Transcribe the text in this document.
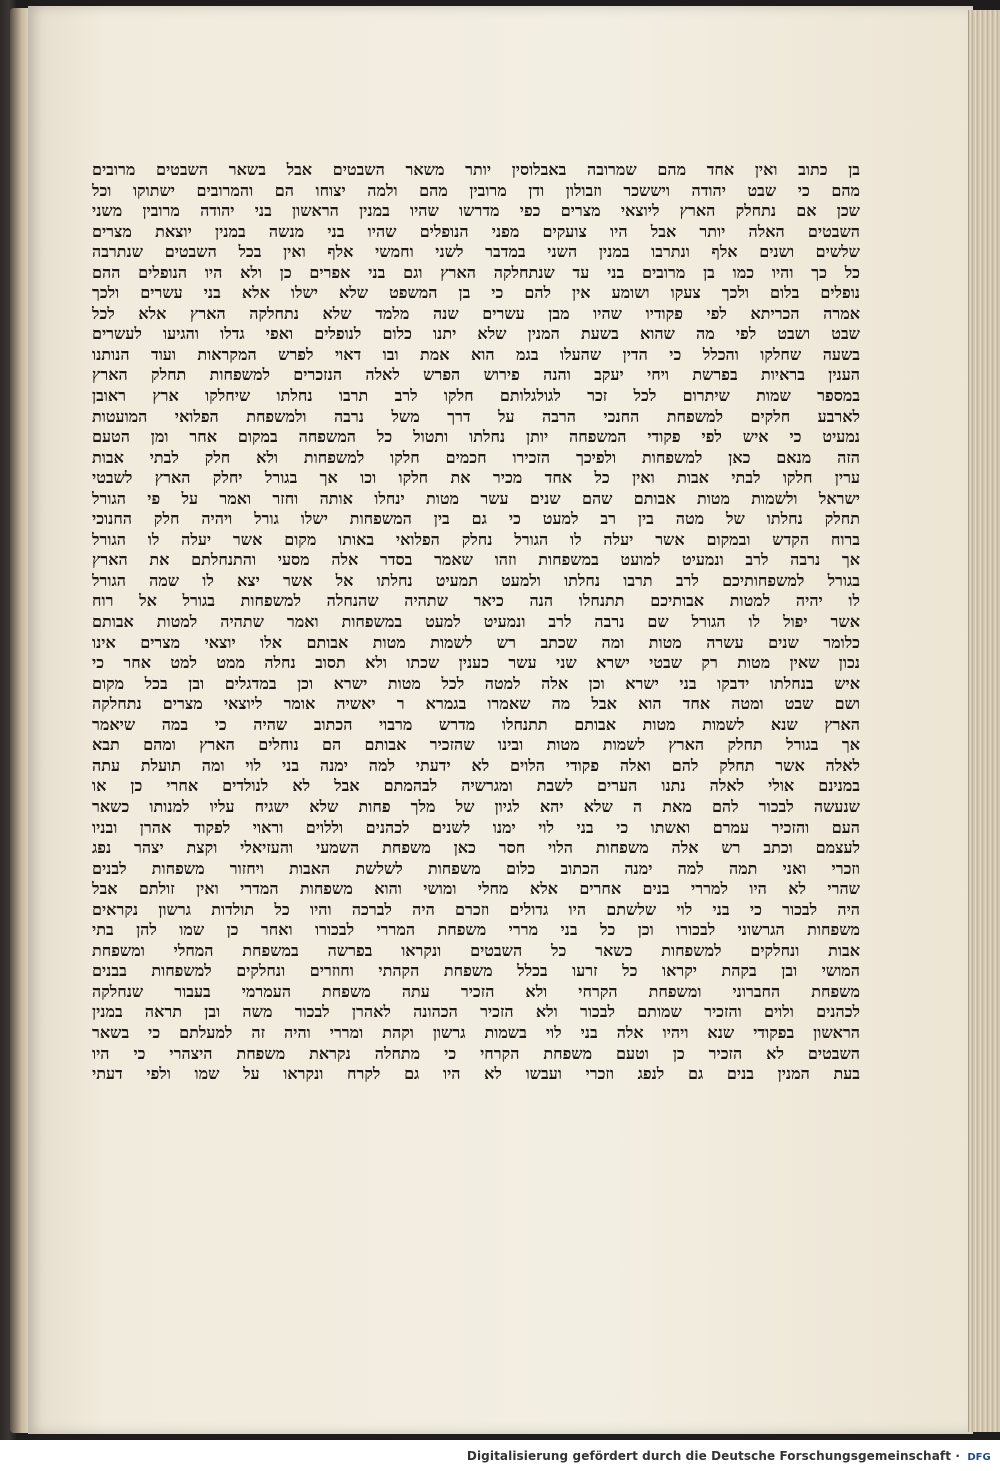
בן כתוב ואין אחד מהם שמרובה באבלוסין יותר משאר השבטים אבל בשאר השבטים מרובים
מהם כי שבט יהודה ויששכר וזבולון ודן מרובין מהם ולמה יצוחו הם והמרובים ישתוקו וכל
שכן אם נתחלק הארץ ליוצאי מצרים כפי מדרשו שהיו במנין הראשון בני יהודה מרובין משני
השבטים האלה יותר אבל היו צועקים מפני הנופלים שהיו בני מנשה במנין יוצאת מצרים
שלשים ושנים אלף ונתרבו במנין השני במדבר לשני וחמשי אלף ואין בכל השבטים שנתרבה
כל כך והיו כמו בן מרובים בני עד שנתחלקה הארץ וגם בני אפרים כן ולא היו הנופלים ההם
נופלים בלום ולכך צעקו ושומע אין להם כי בן המשפט שלא ישלו אלא בני עשרים ולכך
אמרה הכריתא לפי פקודיו שהיו מבן עשרים שנה מלמד שלא נתחלקה הארץ אלא לכל
שבט ושבט לפי מה שהוא בשעת המנין שלא יתנו כלום לנופלים ואפי גדלו והגיעו לעשרים
בשעה שחלקו והכלל כי הדין שהעלו בגמ הוא אמת ובו דאוי לפרש המקראות ועוד הנותנו
הענין בראיות בפרשת ויחי יעקב והנה פירוש הפרש לאלה הנזכרים למשפחות תחלק הארץ
במספר שמות שיתרום לכל זכר לגולגלותם חלקו לרב תרבו נחלתו שיחלקו ארץ ראובן
לארבע חלקים למשפחת החנכי הרבה על דרך משל נרבה ולמשפחת הפלואי המועטות
נמעיט כי איש לפי פקודי המשפחה יותן נחלתו ותטול כל המשפחה במקום אחר ומן הטעם
הזה מנאם כאן למשפחות ולפיכך הזכירו חכמים חלקו למשפחות ולא חלק לבתי אבות
ערין חלקו לבתי אבות ואין כל אחד מכיר את חלקו וכו אך בגורל יחלק הארץ לשבטי
ישראל ולשמות מטות אבותם שהם שנים עשר מטות ינחלו אותה וחזר ואמר על פי הגורל
תחלק נחלתו של מטה בין רב למעט כי גם בין המשפחות ישלו גורל ויהיה חלק החנוכי
ברוח הקדש ובמקום אשר יעלה לו הגורל נחלק הפלואי באותו מקום אשר יעלה לו הגורל
אך נרבה לרב ונמעיט למועט במשפחות וזהו שאמר בסדר אלה מסעי והתנחלתם את הארץ
בגורל למשפחותיכם לרב תרבו נחלתו ולמעט תמעיט נחלתו אל אשר יצא לו שמה הגורל
לו יהיה למטות אבותיכם תתנחלו הנה כיאר שתהיה שהנחלה למשפחות בגורל אל רוח
אשר יפול לו הגורל שם נרבה לרב ונמעיט למעט במשפחות ואמר שתהיה למטות אבותם
כלומר שנים עשרה מטות ומה שכתב רש לשמות מטות אבותם אלו יוצאי מצרים אינו
נכון שאין מטות רק שבטי ישרא שני עשר כענין שכתו ולא תסוב נחלה ממט למט אחר כי
איש בנחלתו ידבקו בני ישרא וכן אלה למטה לכל מטות ישרא וכן במדגלים ובן בכל מקום
ושם שבט ומטה אחד הוא אבל מה שאמרו בגמרא ר יאשיה אומר ליוצאי מצרים נתחלקה
הארץ שנא לשמות מטות אבותם תתנחלו מדרש מרבוי הכתוב שהיה כי במה שיאמר
אך בגורל תחלק הארץ לשמות מטות ובינו שהזכיר אבותם הם נוחלים הארץ ומהם תבא
לאלה אשר תחלק להם ואלה פקודי הלוים לא ידעתי למה ימנה בני לוי ומה תועלת עתה
במנינם אולי לאלה נתנו הערים לשבת ומגרשיה לבהמתם אבל לא לנולדים אחרי כן או
שנעשה לבכור להם מאת ה שלא יהא לגיון של מלך פחות שלא ישגיח עליו למנותו כשאר
העם והזכיר עמרם ואשתו כי בני לוי ימנו לשנים לכהנים וללוים וראוי לפקוד אהרן ובניו
לעצמם וכתב רש אלה משפחות הלוי חסר כאן משפחת השמעי והעזיאלי וקצת יצהר נפג
וזכרי ואני תמה למה ימנה הכתוב כלום משפחות לשלשת האבות ויחזור משפחות לבנים
שהרי לא היו למררי בנים אחרים אלא מחלי ומושי והוא משפחות המדרי ואין זולתם אבל
היה לבכור כי בני לוי שלשתם היו גדולים וזכרם היה לברכה והיו כל תולדות גרשון נקראים
משפחות הגרשוני לבכורו וכן כל בני מררי משפחת המררי לבכורו ואחר כן שמו להן בתי
אבות ונחלקים למשפחות כשאר כל השבטים ונקראו בפרשה במשפחת המחלי ומשפחת
המושי ובן בקהת יקראו כל זרעו בכלל משפחת הקהתי וחוזרים ונחלקים למשפחות בבנים
משפחת החברוני ומשפחת הקרחי ולא הזכיר עתה משפחת העמרמי בעבור שנחלקה
לכהנים ולוים והזכיר שמותם לבכור ולא הזכיר הכהונה לאהרן לבכור משה ובן תראה במנין
הראשון בפקודי שנא ויהיו אלה בני לוי בשמות גרשון וקהת ומררי והיה זה למעלתם כי בשאר
השבטים לא הזכיר כן וטעם משפחת הקרחי כי מתחלה נקראת משפחת היצהרי כי היו
בעת המנין בנים גם לנפג וזכרי ועבשו לא היו גם לקרח ונקראו על שמו ולפי דעתי
Digitalisierung gefördert durch die Deutsche Forschungsgemeinschaft · DFG
